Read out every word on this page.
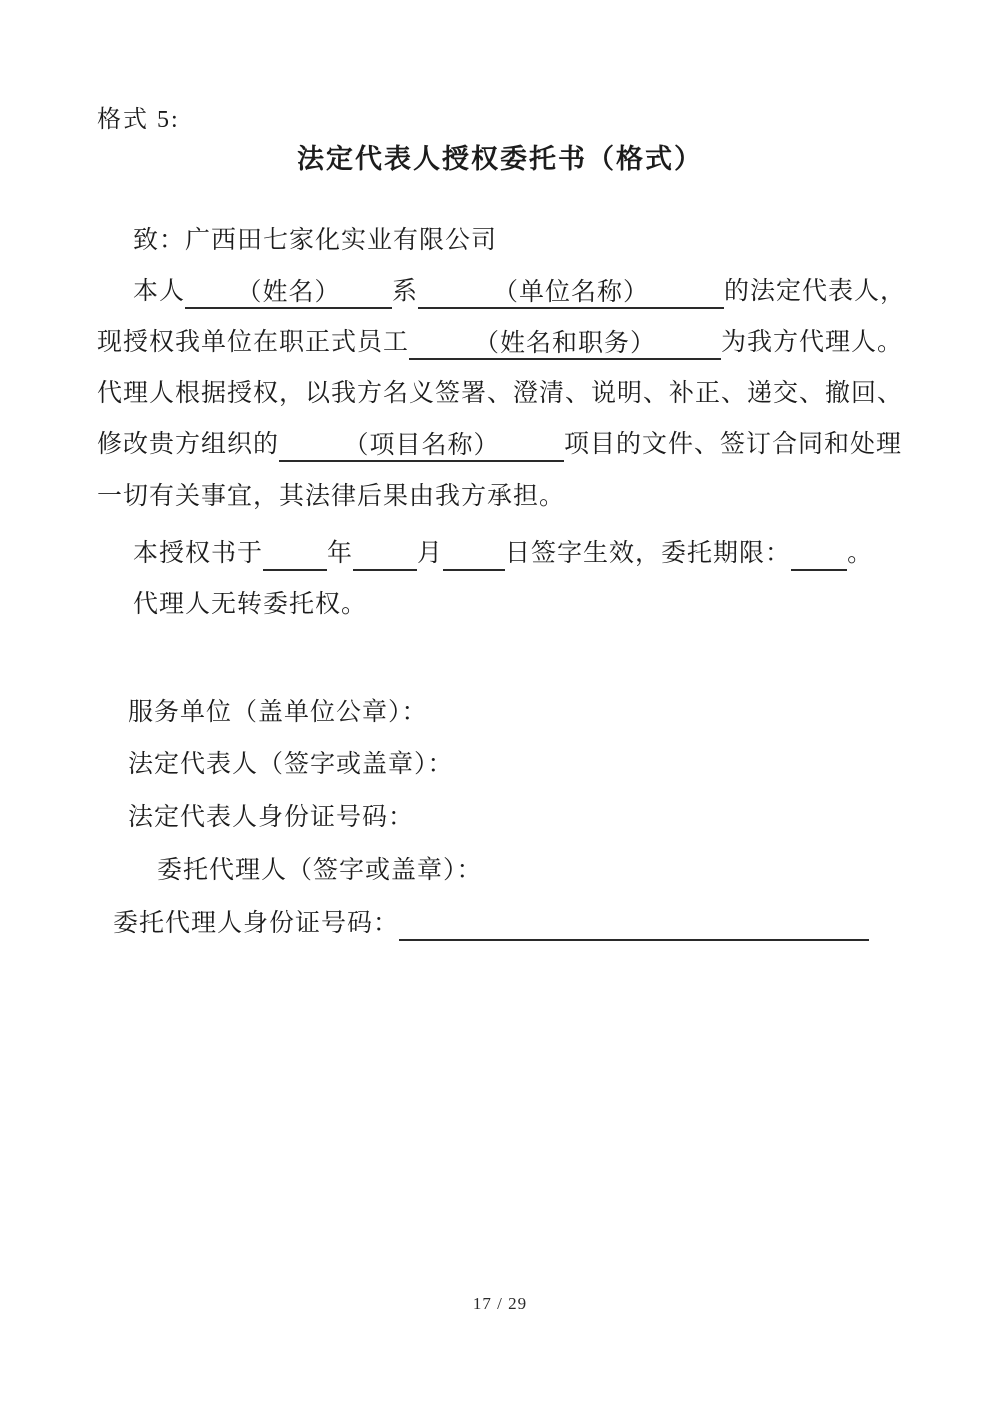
格式 5:
法定代表人授权委托书（格式）
致：广西田七家化实业有限公司
本人 （姓名） 系	（单位名称）	的法定代表人，
现授权我单位在职正式员工	（姓名和职务）	为我方代理人。
代理人根据授权，以我方名义签署、澄清、说明、补正、递交、撤回、
修改贵方组织的	（项目名称）	项目的文件、签订合同和处理
一切有关事宜，其法律后果由我方承担。
本授权书于	年	月 日签字生效，委托期限： 。
代理人无转委托权。
服务单位（盖单位公章）：
法定代表人（签字或盖章）：
法定代表人身份证号码：
委托代理人（签字或盖章）：
委托代理人身份证号码：
17 / 29
